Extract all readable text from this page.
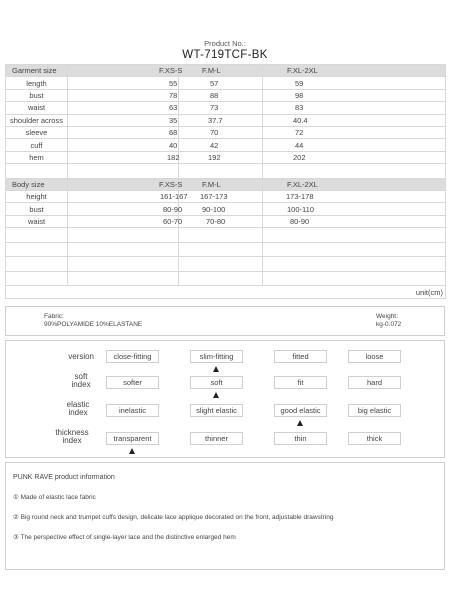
Product No.:
WT-719TCF-BK
Garment size	F.XS-S	F.M-L	F.XL-2XL
length	55	57	59
bust	78	88	98
waist	63	73	83
shoulder across	35	37.7	40.4
sleeve	68	70	72
cuff	40	42	44
hem	182	192	202

Body size	F.XS-S	F.M-L	F.XL-2XL
height	161-167	167-173	173-178
bust	80-90	90-100	100-110
waist	60-70	70-80	80-90

unit(cm)			
Fabric:
90%POLYAMIDE 10%ELASTANE
Weight:
kg-0.072
version	close-fitting	slim-fitting	fitted	loose
soft index	softer	soft	fit	hard
elastic index	inelastic	slight elastic	good elastic	big elastic
thickness index	transparent	thinner	thin	thick
PUNK RAVE product information
① Made of elastic lace fabric
② Big round neck and trumpet cuffs design, delicate lace applique decorated on the front, adjustable drawstring
③ The perspective effect of single-layer lace and the distinctive enlarged hem
